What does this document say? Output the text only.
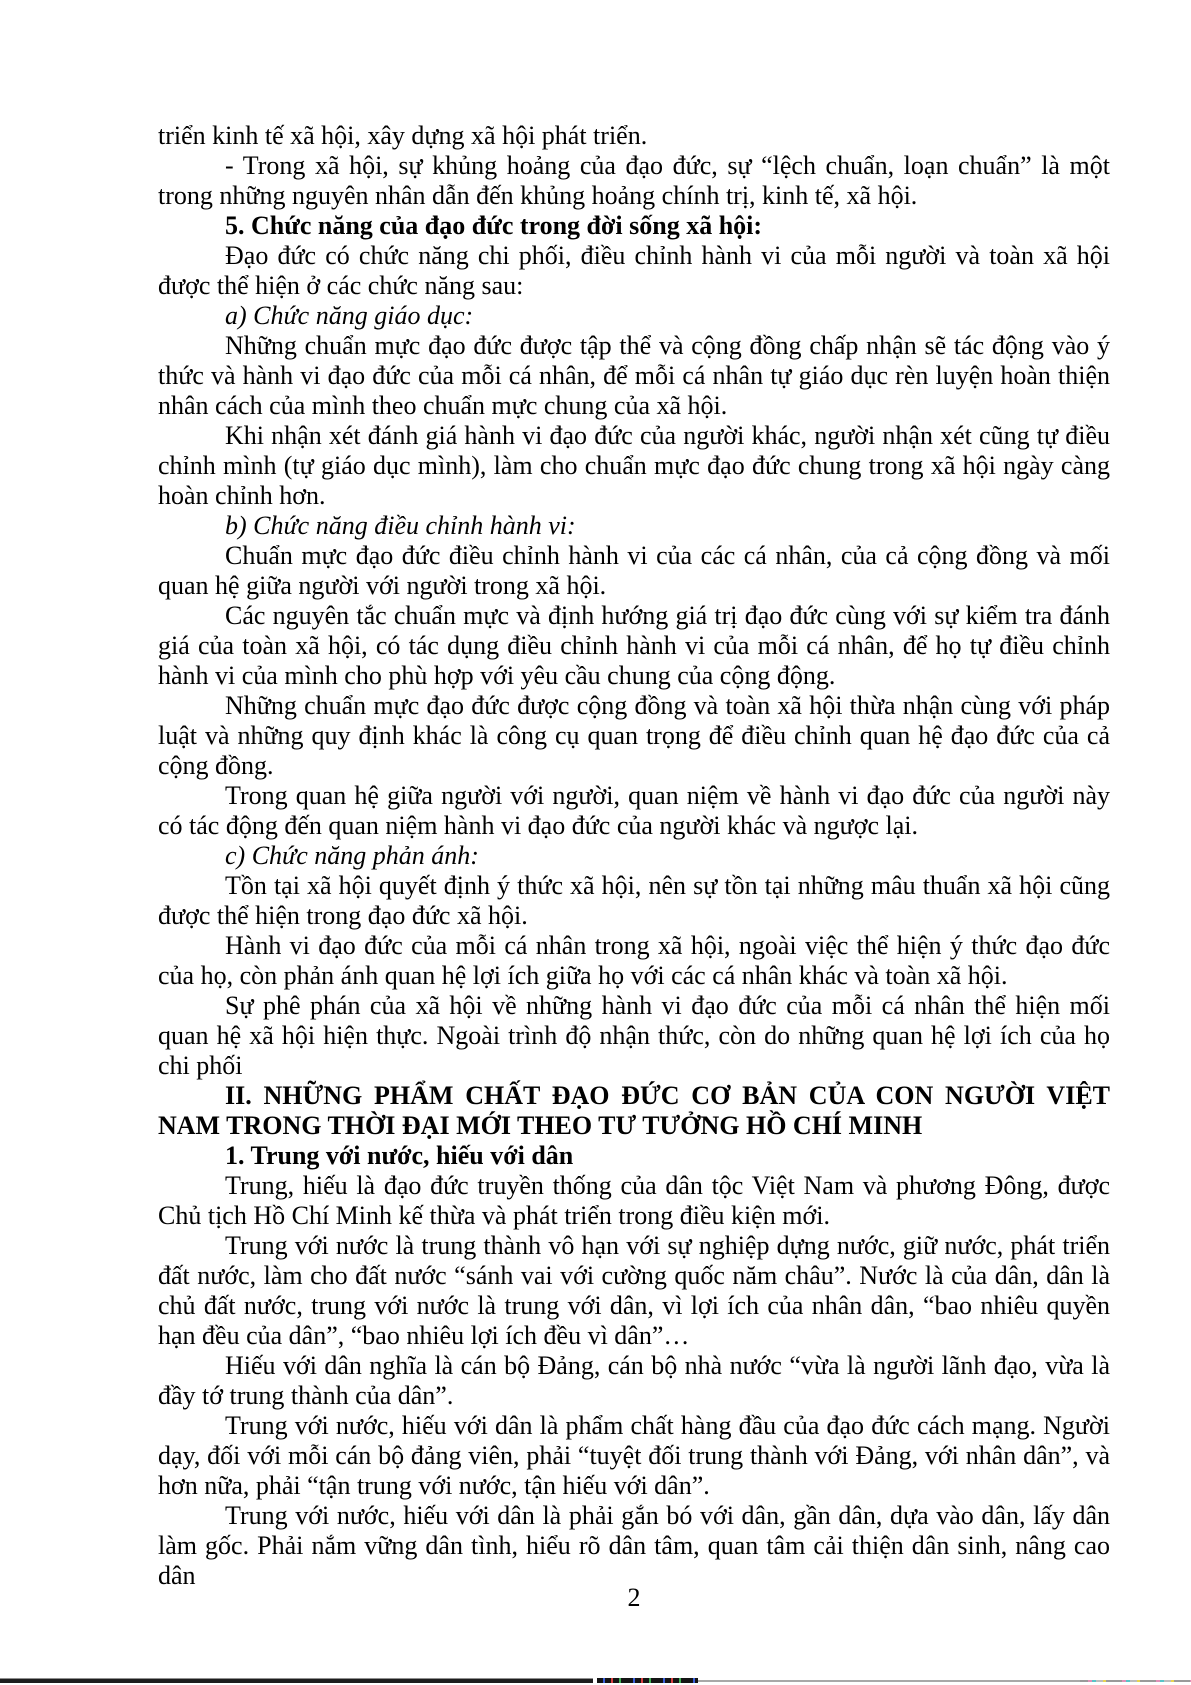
triển kinh tế xã hội, xây dựng xã hội phát triển.

- Trong xã hội, sự khủng hoảng của đạo đức, sự “lệch chuẩn, loạn chuẩn” là một trong những nguyên nhân dẫn đến khủng hoảng chính trị, kinh tế, xã hội.

5. Chức năng của đạo đức trong đời sống xã hội:

Đạo đức có chức năng chi phối, điều chỉnh hành vi của mỗi người và toàn xã hội được thể hiện ở các chức năng sau:

a) Chức năng giáo dục:

Những chuẩn mực đạo đức được tập thể và cộng đồng chấp nhận sẽ tác động vào ý thức và hành vi đạo đức của mỗi cá nhân, để mỗi cá nhân tự giáo dục rèn luyện hoàn thiện nhân cách của mình theo chuẩn mực chung của xã hội.

Khi nhận xét đánh giá hành vi đạo đức của người khác, người nhận xét cũng tự điều chỉnh mình (tự giáo dục mình), làm cho chuẩn mực đạo đức chung trong xã hội ngày càng hoàn chỉnh hơn.

b) Chức năng điều chỉnh hành vi:

Chuẩn mực đạo đức điều chỉnh hành vi của các cá nhân, của cả cộng đồng và mối quan hệ giữa người với người trong xã hội.

Các nguyên tắc chuẩn mực và định hướng giá trị đạo đức cùng với sự kiểm tra đánh giá của toàn xã hội, có tác dụng điều chỉnh hành vi của mỗi cá nhân, để họ tự điều chỉnh hành vi của mình cho phù hợp với yêu cầu chung của cộng động.

Những chuẩn mực đạo đức được cộng đồng và toàn xã hội thừa nhận cùng với pháp luật và những quy định khác là công cụ quan trọng để điều chỉnh quan hệ đạo đức của cả cộng đồng.

Trong quan hệ giữa người với người, quan niệm về hành vi đạo đức của người này có tác động đến quan niệm hành vi đạo đức của người khác và ngược lại.

c) Chức năng phản ánh:

Tồn tại xã hội quyết định ý thức xã hội, nên sự tồn tại những mâu thuẩn xã hội cũng được thể hiện trong đạo đức xã hội.

Hành vi đạo đức của mỗi cá nhân trong xã hội, ngoài việc thể hiện ý thức đạo đức của họ, còn phản ánh quan hệ lợi ích giữa họ với các cá nhân khác và toàn xã hội.

Sự phê phán của xã hội về những hành vi đạo đức của mỗi cá nhân thể hiện mối quan hệ xã hội hiện thực. Ngoài trình độ nhận thức, còn do những quan hệ lợi ích của họ chi phối

II. NHỮNG PHẨM CHẤT ĐẠO ĐỨC CƠ BẢN CỦA CON NGƯỜI VIỆT NAM TRONG THỜI ĐẠI MỚI THEO TƯ TƯỞNG HỒ CHÍ MINH

1. Trung với nước, hiếu với dân

Trung, hiếu là đạo đức truyền thống của dân tộc Việt Nam và phương Đông, được Chủ tịch Hồ Chí Minh kế thừa và phát triển trong điều kiện mới.

Trung với nước là trung thành vô hạn với sự nghiệp dựng nước, giữ nước, phát triển đất nước, làm cho đất nước “sánh vai với cường quốc năm châu”. Nước là của dân, dân là chủ đất nước, trung với nước là trung với dân, vì lợi ích của nhân dân, “bao nhiêu quyền hạn đều của dân”, “bao nhiêu lợi ích đều vì dân”…

Hiếu với dân nghĩa là cán bộ Đảng, cán bộ nhà nước “vừa là người lãnh đạo, vừa là đầy tớ trung thành của dân”.

Trung với nước, hiếu với dân là phẩm chất hàng đầu của đạo đức cách mạng. Người dạy, đối với mỗi cán bộ đảng viên, phải “tuyệt đối trung thành với Đảng, với nhân dân”, và hơn nữa, phải “tận trung với nước, tận hiếu với dân”.

Trung với nước, hiếu với dân là phải gắn bó với dân, gần dân, dựa vào dân, lấy dân làm gốc. Phải nắm vững dân tình, hiểu rõ dân tâm, quan tâm cải thiện dân sinh, nâng cao dân

2
